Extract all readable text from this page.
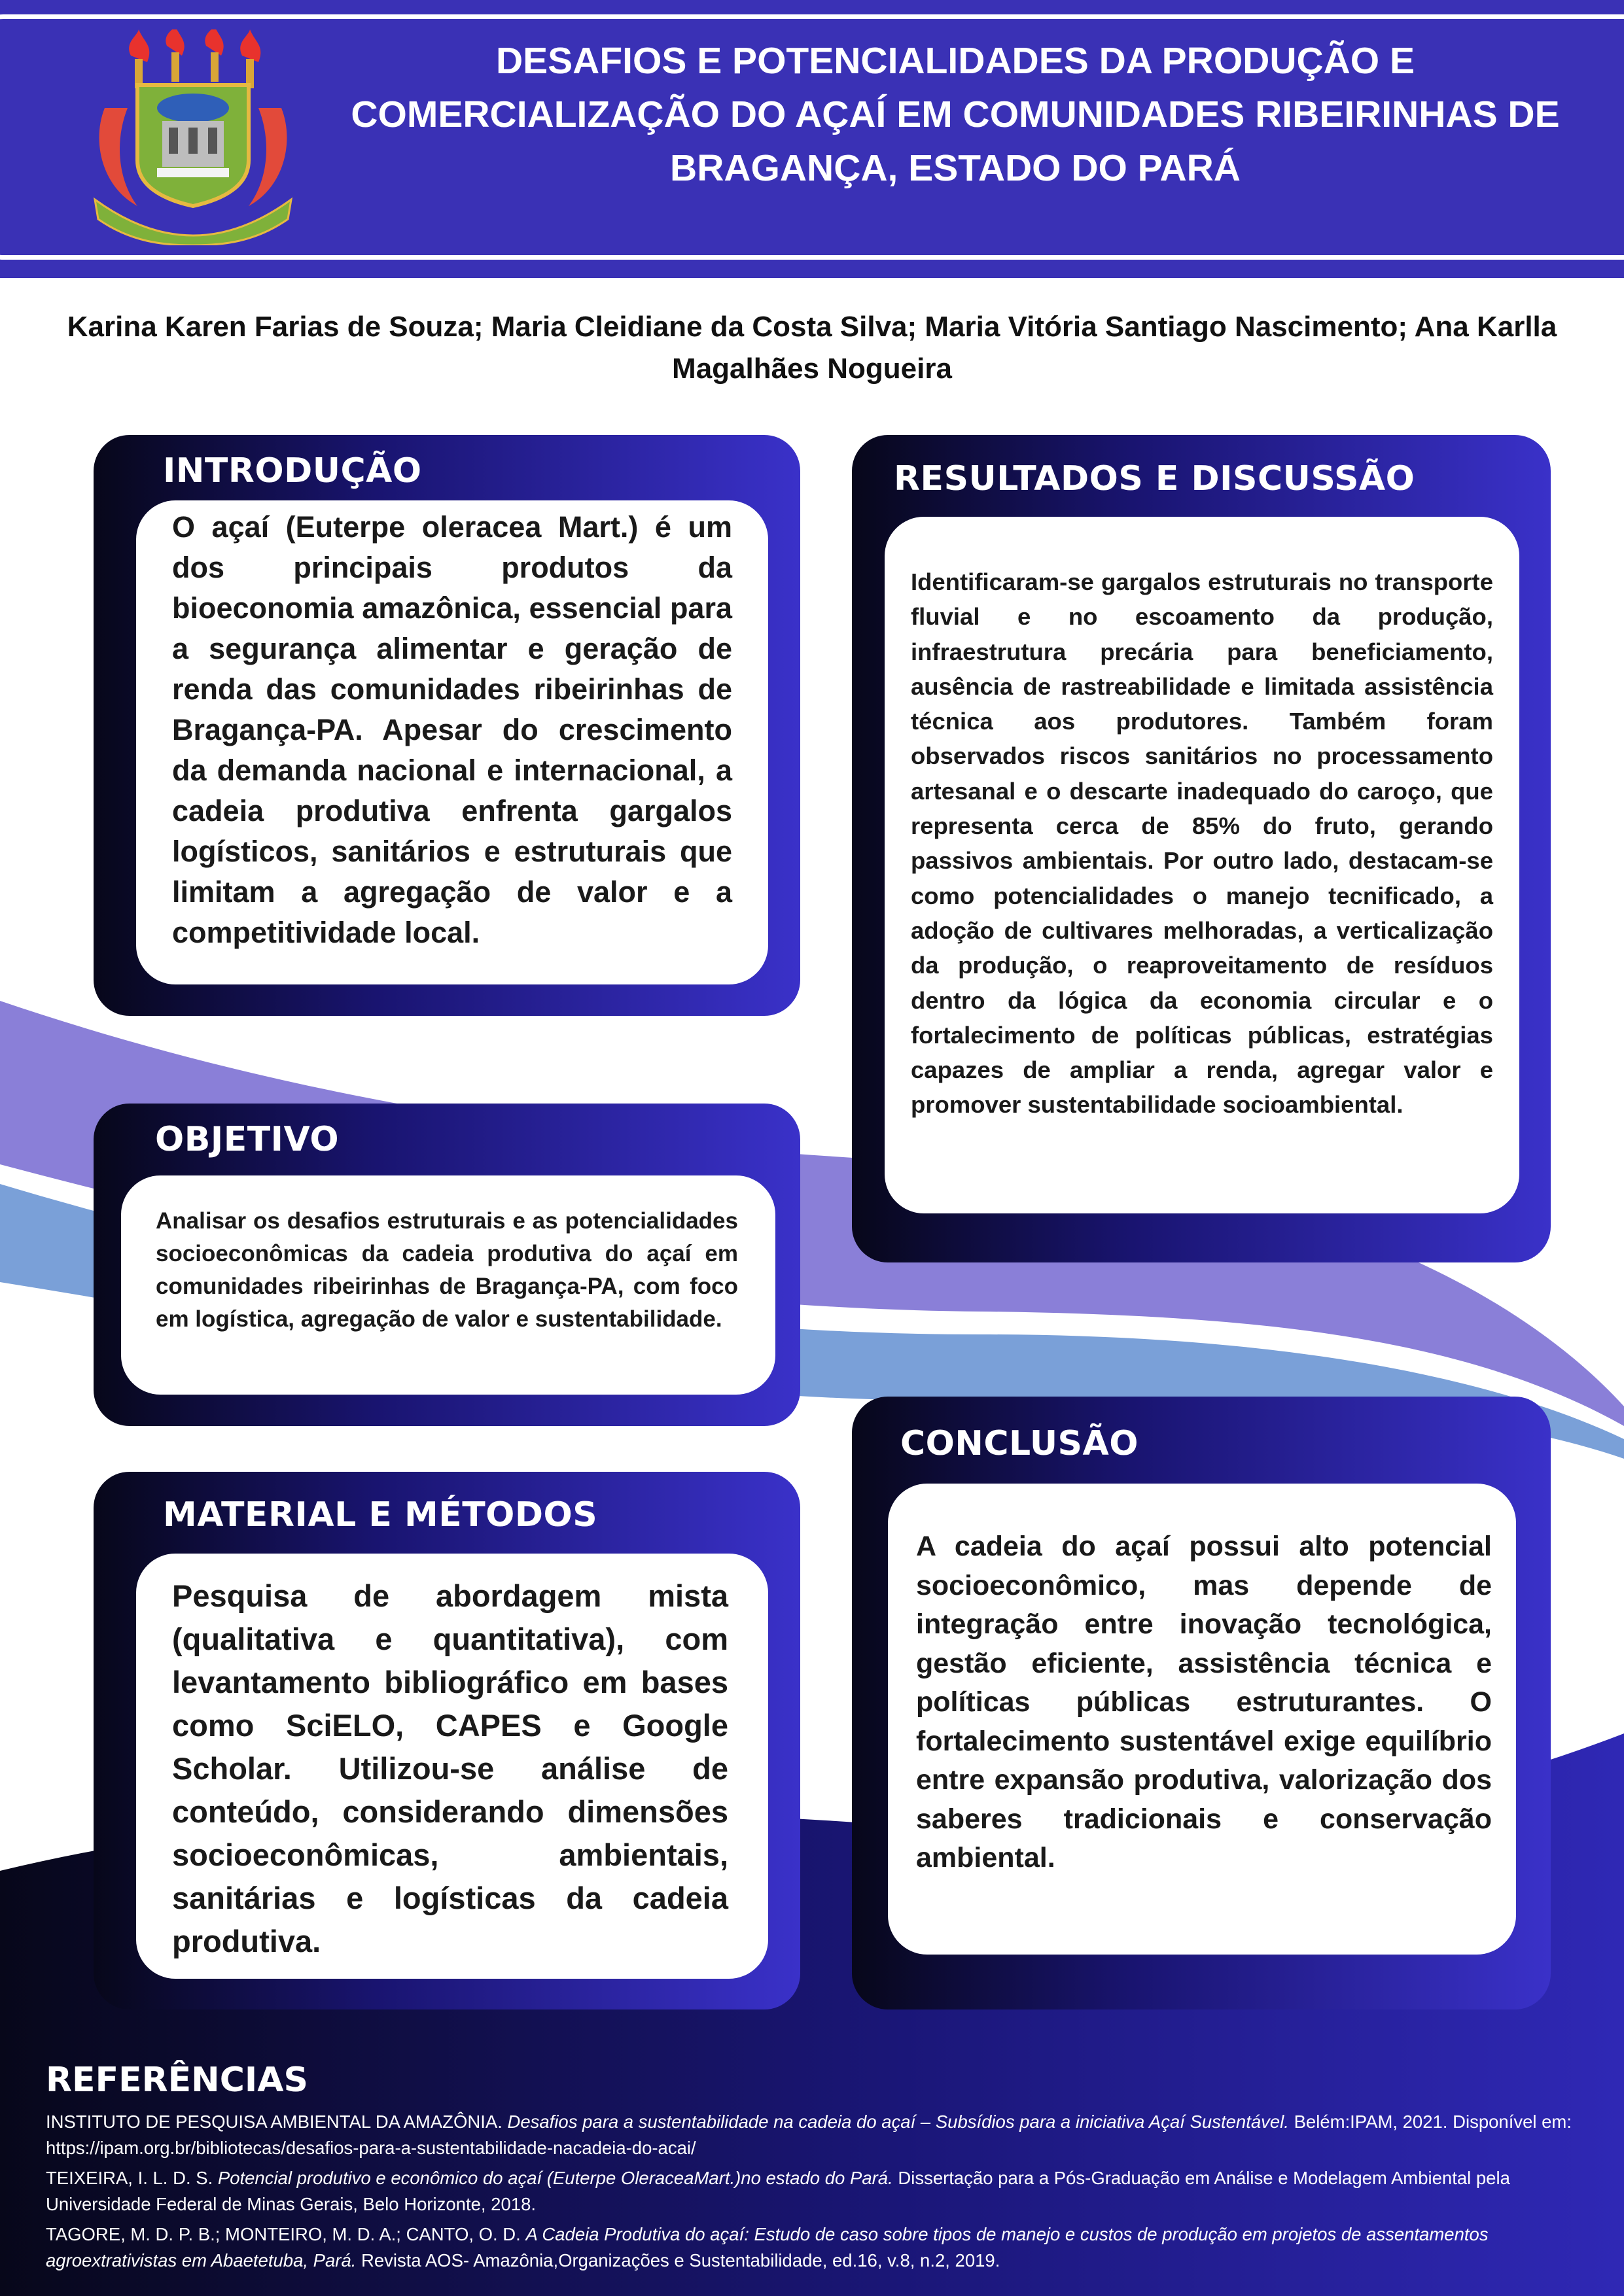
DESAFIOS E POTENCIALIDADES DA PRODUÇÃO E COMERCIALIZAÇÃO DO AÇAÍ EM COMUNIDADES RIBEIRINHAS DE BRAGANÇA, ESTADO DO PARÁ
Karina Karen Farias de Souza; Maria Cleidiane da Costa Silva; Maria Vitória Santiago Nascimento; Ana Karlla Magalhães Nogueira
INTRODUÇÃO

O açaí (Euterpe oleracea Mart.) é um dos principais produtos da bioeconomia amazônica, essencial para a segurança alimentar e geração de renda das comunidades ribeirinhas de Bragança-PA. Apesar do crescimento da demanda nacional e internacional, a cadeia produtiva enfrenta gargalos logísticos, sanitários e estruturais que limitam a agregação de valor e a competitividade local.

OBJETIVO

Analisar os desafios estruturais e as potencialidades socioeconômicas da cadeia produtiva do açaí em comunidades ribeirinhas de Bragança-PA, com foco em logística, agregação de valor e sustentabilidade.

MATERIAL E MÉTODOS

Pesquisa de abordagem mista (qualitativa e quantitativa), com levantamento bibliográfico em bases como SciELO, CAPES e Google Scholar. Utilizou-se análise de conteúdo, considerando dimensões socioeconômicas, ambientais, sanitárias e logísticas da cadeia produtiva.

RESULTADOS E DISCUSSÃO

Identificaram-se gargalos estruturais no transporte fluvial e no escoamento da produção, infraestrutura precária para beneficiamento, ausência de rastreabilidade e limitada assistência técnica aos produtores. Também foram observados riscos sanitários no processamento artesanal e o descarte inadequado do caroço, que representa cerca de 85% do fruto, gerando passivos ambientais. Por outro lado, destacam-se como potencialidades o manejo tecnificado, a adoção de cultivares melhoradas, a verticalização da produção, o reaproveitamento de resíduos dentro da lógica da economia circular e o fortalecimento de políticas públicas, estratégias capazes de ampliar a renda, agregar valor e promover sustentabilidade socioambiental.

CONCLUSÃO

A cadeia do açaí possui alto potencial socioeconômico, mas depende de integração entre inovação tecnológica, gestão eficiente, assistência técnica e políticas públicas estruturantes. O fortalecimento sustentável exige equilíbrio entre expansão produtiva, valorização dos saberes tradicionais e conservação ambiental.

REFERÊNCIAS

INSTITUTO DE PESQUISA AMBIENTAL DA AMAZÔNIA. Desafios para a sustentabilidade na cadeia do açaí – Subsídios para a iniciativa Açaí Sustentável. Belém:IPAM, 2021. Disponível em: https://ipam.org.br/bibliotecas/desafios-para-a-sustentabilidade-nacadeia-do-acai/

TEIXEIRA, I. L. D. S. Potencial produtivo e econômico do açaí (Euterpe OleraceaMart.)no estado do Pará. Dissertação para a Pós-Graduação em Análise e Modelagem Ambiental pela Universidade Federal de Minas Gerais, Belo Horizonte, 2018.

TAGORE, M. D. P. B.; MONTEIRO, M. D. A.; CANTO, O. D. A Cadeia Produtiva do açaí: Estudo de caso sobre tipos de manejo e custos de produção em projetos de assentamentos agroextrativistas em Abaetetuba, Pará. Revista AOS- Amazônia,Organizações e Sustentabilidade, ed.16, v.8, n.2, 2019.
